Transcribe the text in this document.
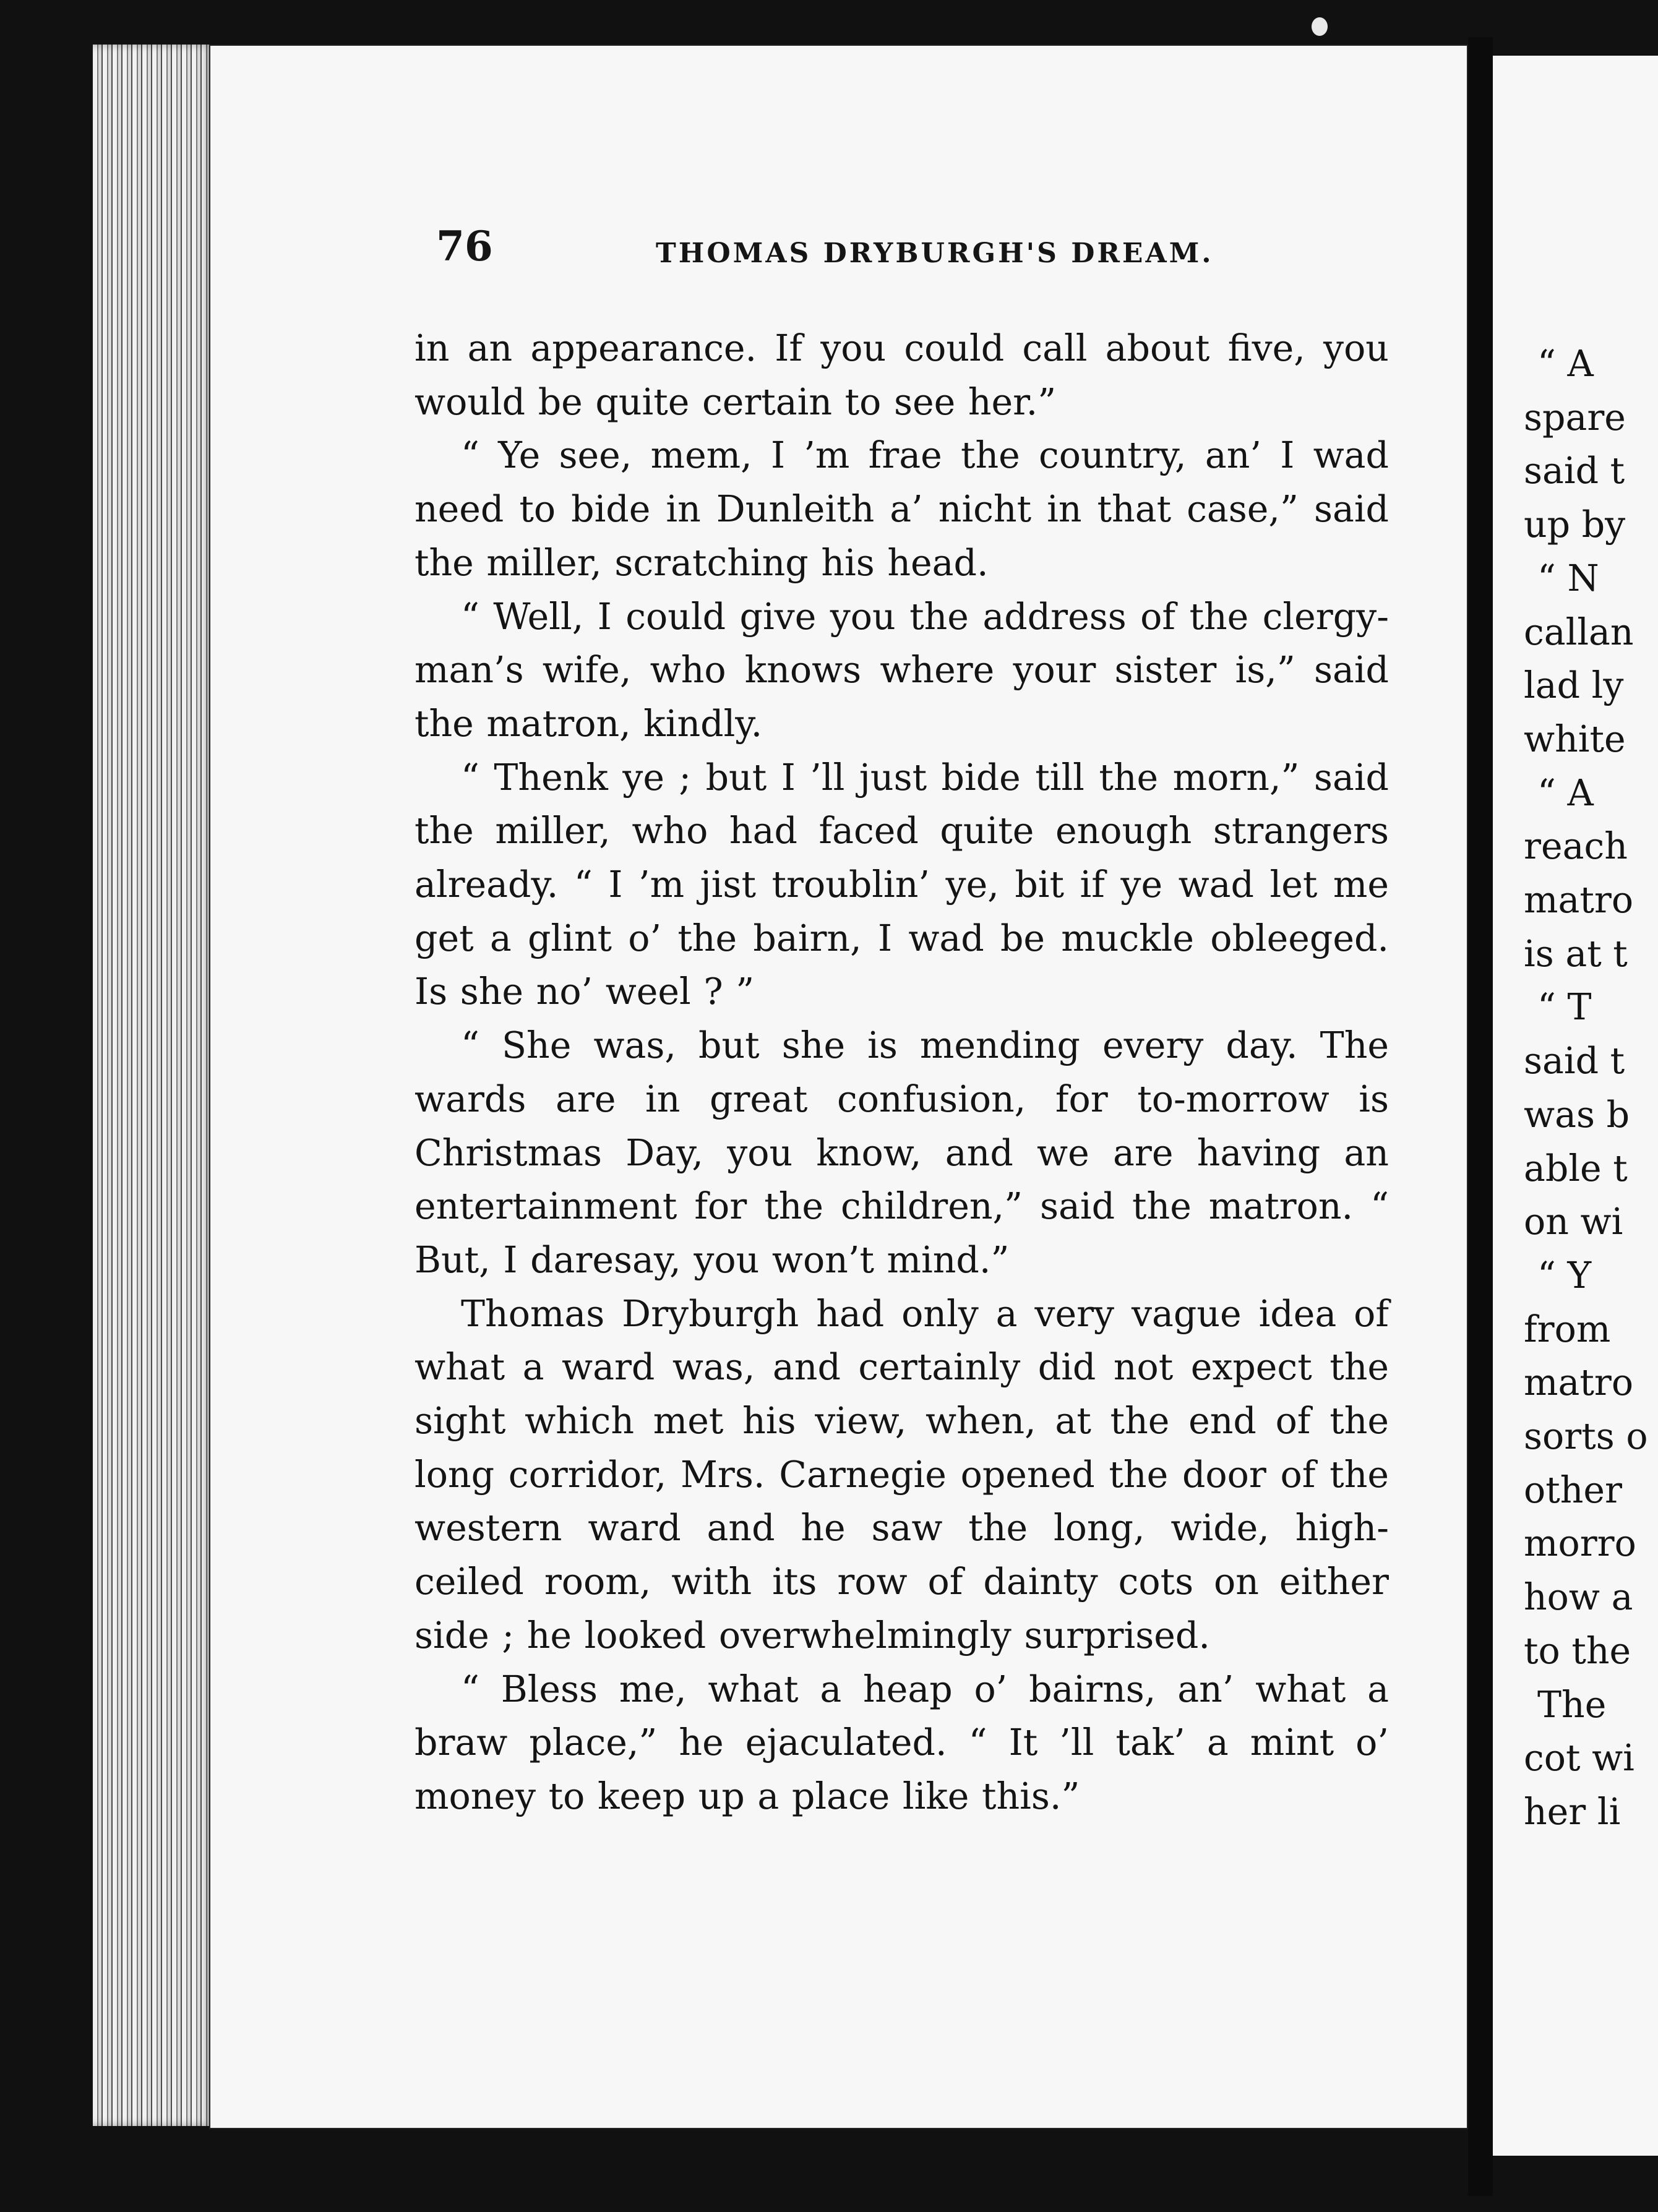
76	THOMAS DRYBURGH'S DREAM.

in an appearance. If you could call about five, you would be quite certain to see her.”

“ Ye see, mem, I ’m frae the country, an’ I wad need to bide in Dunleith a’ nicht in that case,” said the miller, scratching his head.

“ Well, I could give you the address of the clergy-man’s wife, who knows where your sister is,” said the matron, kindly.

“ Thenk ye ; but I ’ll just bide till the morn,” said the miller, who had faced quite enough strangers already. “ I ’m jist troublin’ ye, bit if ye wad let me get a glint o’ the bairn, I wad be muckle obleeged. Is she no’ weel ? ”

“ She was, but she is mending every day. The wards are in great confusion, for to-morrow is Christmas Day, you know, and we are having an entertainment for the children,” said the matron. “ But, I daresay, you won’t mind.”

Thomas Dryburgh had only a very vague idea of what a ward was, and certainly did not expect the sight which met his view, when, at the end of the long corridor, Mrs. Carnegie opened the door of the western ward and he saw the long, wide, high-ceiled room, with its row of dainty cots on either side ; he looked overwhelmingly surprised.

“ Bless me, what a heap o’ bairns, an’ what a braw place,” he ejaculated. “ It ’ll tak’ a mint o’ money to keep up a place like this.”

“ A
spare
said t
up by
“ N
callan
lad ly
white
“ A
reach
matro
is at t
“ T
said t
was b
able t
on wi
“ Y
from
matro
sorts o
other
morro
how a
to the
The
cot wi
her li
